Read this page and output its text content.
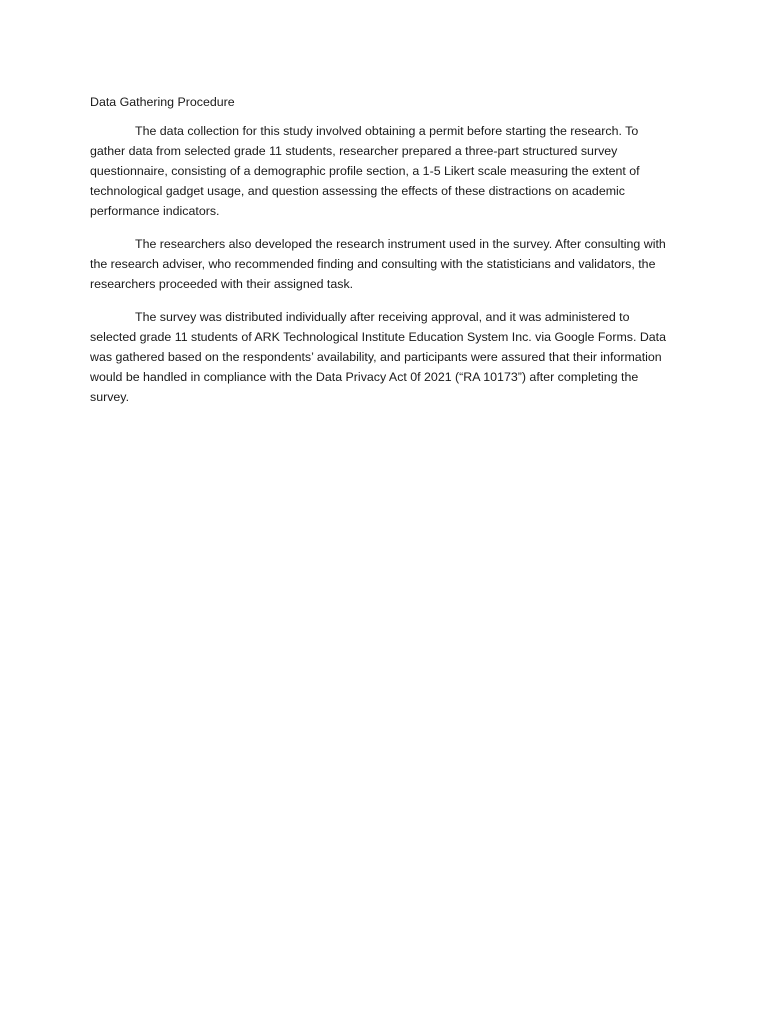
Data Gathering Procedure

The data collection for this study involved obtaining a permit before starting the research. To gather data from selected grade 11 students, researcher prepared a three-part structured survey questionnaire, consisting of a demographic profile section, a 1-5 Likert scale measuring the extent of technological gadget usage, and question assessing the effects of these distractions on academic performance indicators.

The researchers also developed the research instrument used in the survey. After consulting with the research adviser, who recommended finding and consulting with the statisticians and validators, the researchers proceeded with their assigned task.

The survey was distributed individually after receiving approval, and it was administered to selected grade 11 students of ARK Technological Institute Education System Inc. via Google Forms. Data was gathered based on the respondents’ availability, and participants were assured that their information would be handled in compliance with the Data Privacy Act 0f 2021 (“RA 10173”) after completing the survey.
